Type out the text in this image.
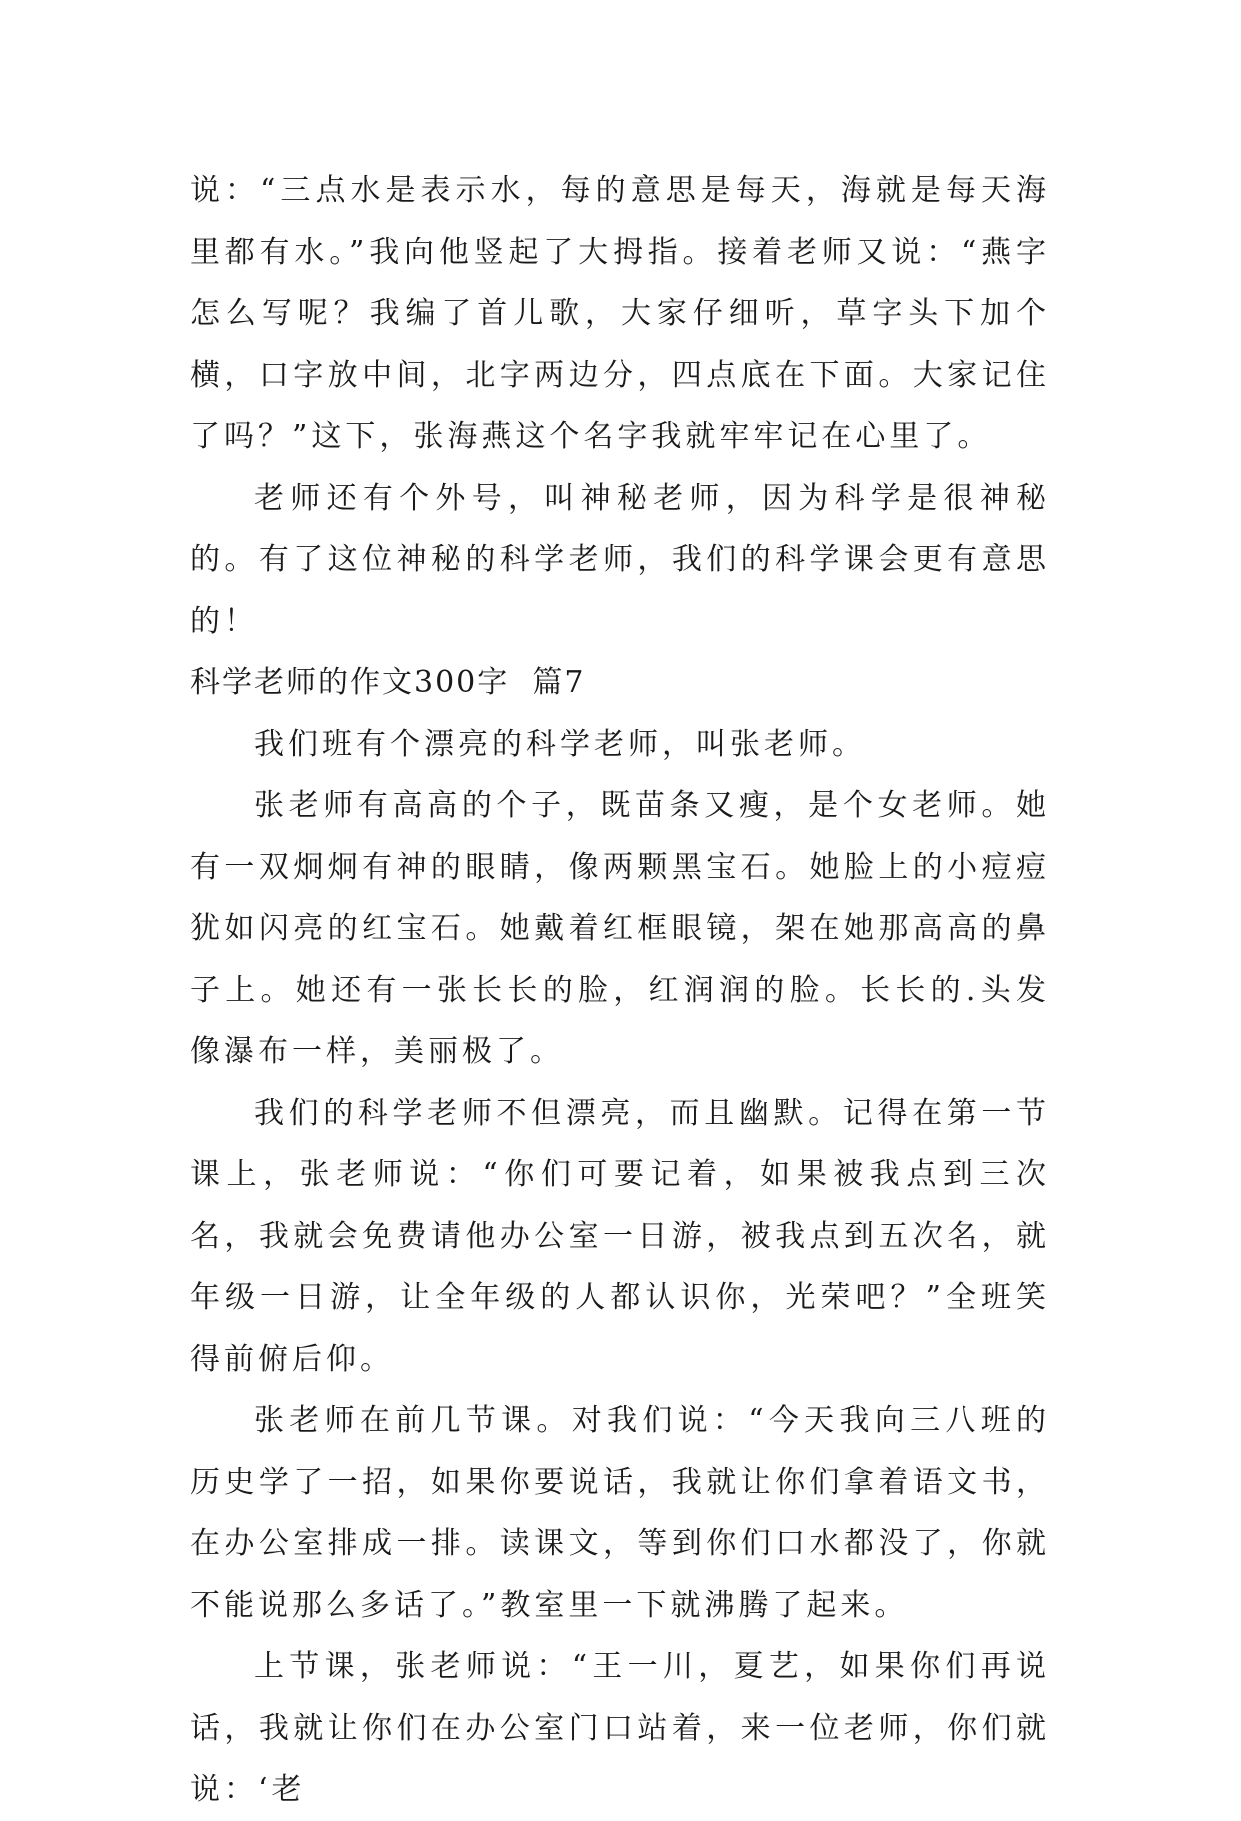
说：“三点水是表示水，每的意思是每天，海就是每天海里都有水。”我向他竖起了大拇指。接着老师又说：“燕字怎么写呢？我编了首儿歌，大家仔细听，草字头下加个横，口字放中间，北字两边分，四点底在下面。大家记住了吗？”这下，张海燕这个名字我就牢牢记在心里了。

老师还有个外号，叫神秘老师，因为科学是很神秘的。有了这位神秘的科学老师，我们的科学课会更有意思的！

科学老师的作文300字  篇7

我们班有个漂亮的科学老师，叫张老师。

张老师有高高的个子，既苗条又瘦，是个女老师。她有一双炯炯有神的眼睛，像两颗黑宝石。她脸上的小痘痘犹如闪亮的红宝石。她戴着红框眼镜，架在她那高高的鼻子上。她还有一张长长的脸，红润润的脸。长长的.头发像瀑布一样，美丽极了。

我们的科学老师不但漂亮，而且幽默。记得在第一节课上，张老师说：“你们可要记着，如果被我点到三次名，我就会免费请他办公室一日游，被我点到五次名，就年级一日游，让全年级的人都认识你，光荣吧？”全班笑得前俯后仰。

张老师在前几节课。对我们说：“今天我向三八班的历史学了一招，如果你要说话，我就让你们拿着语文书，在办公室排成一排。读课文，等到你们口水都没了，你就不能说那么多话了。”教室里一下就沸腾了起来。

上节课，张老师说：“王一川，夏艺，如果你们再说话，我就让你们在办公室门口站着，来一位老师，你们就说：‘老
